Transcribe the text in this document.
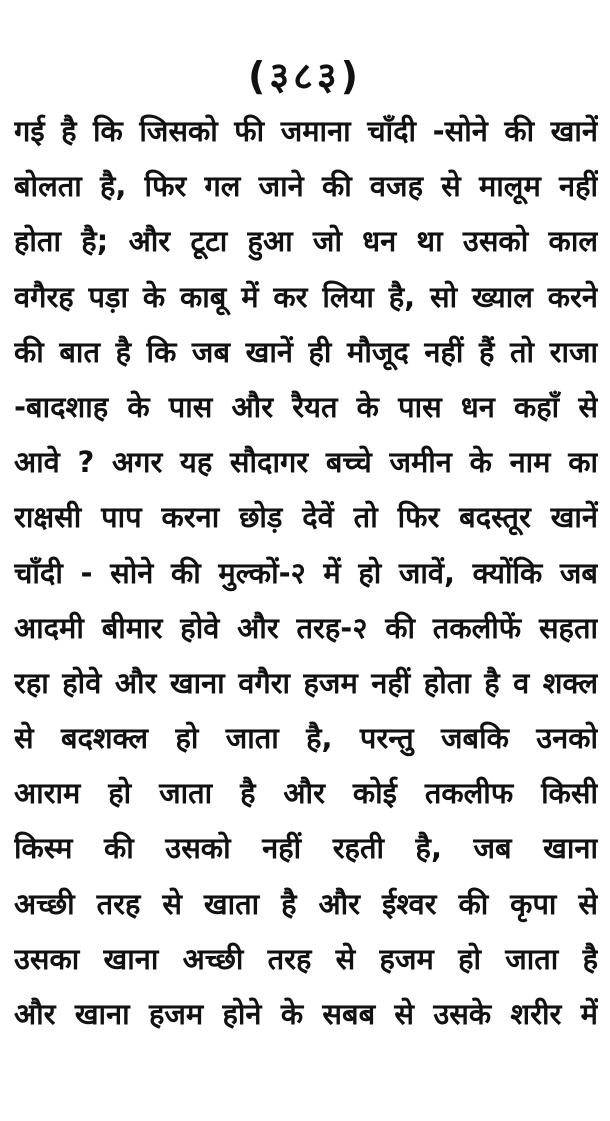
(३८३)
गई है कि जिसको फी जमाना चाँदी -सोने की खानें
बोलता है, फिर गल जाने की वजह से मालूम नहीं
होता है; और टूटा हुआ जो धन था उसको काल
वगैरह पड़ा के काबू में कर लिया है, सो ख्याल करने
की बात है कि जब खानें ही मौजूद नहीं हैं तो राजा
-बादशाह के पास और रैयत के पास धन कहाँ से
आवे ? अगर यह सौदागर बच्चे जमीन के नाम का
राक्षसी पाप करना छोड़ देवें तो फिर बदस्तूर खानें
चाँदी - सोने की मुल्कों-२ में हो जावें, क्योंकि जब
आदमी बीमार होवे और तरह-२ की तकलीफें सहता
रहा होवे और खाना वगैरा हजम नहीं होता है व शक्ल
से बदशक्ल हो जाता है, परन्तु जबकि उनको
आराम हो जाता है और कोई तकलीफ किसी
किस्म की उसको नहीं रहती है, जब खाना
अच्छी तरह से खाता है और ईश्वर की कृपा से
उसका खाना अच्छी तरह से हजम हो जाता है
और खाना हजम होने के सबब से उसके शरीर में
